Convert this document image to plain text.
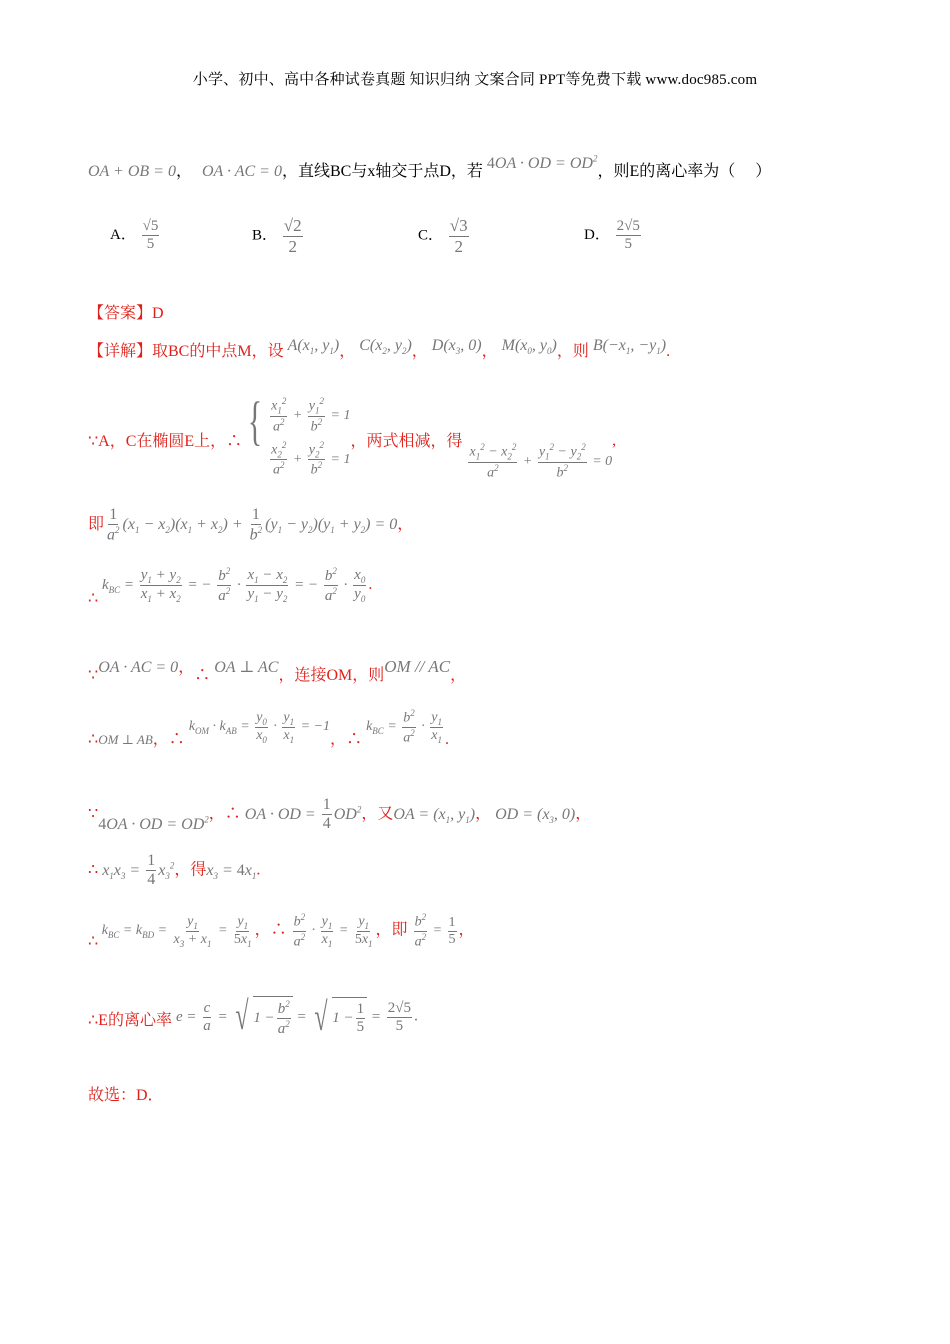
小学、初中、高中各种试卷真题 知识归纳 文案合同 PPT等免费下载 www.doc985.com
OA + OB = 0， OA · AC = 0，直线BC与x轴交于点D，若 4OA · OD = $OD^2$，则E的离心率为（　 ）
A． $\frac{√5}{5}$	B． $\frac{√2}{2}$	C． $\frac{√3}{2}$	D． $\frac{2√5}{5}$
【答案】D
【详解】取BC的中点M，设 $A(x_1$, $y_1$)， $C(x_2$, $y_2$)， $D(x_3$, 0)， $M(x_0$, $y_0$)，则 $B(-x_1$, $-y_1$).
∵A，C在椭圆E上，∴ { $\frac{x_1^2}{a^2} + \frac{y_1^2}{b^2} = 1$
$\frac{x_2^2}{a^2} + \frac{y_2^2}{b^2} = 1$
，两式相减，得
$\frac{x_1^2 - x_2^2}{a^2} + \frac{y_1^2 - y_2^2}{b^2} = 0$,
即 $\frac{1}{a^2} (x_1 - x_2)(x_1 + x_2) + \frac{1}{b^2} (y_1 - y_2)(y_1 + y_2) = 0$，
∴ $k_{BC} = \frac{y_1 + y_2}{x_1 + x_2}$ = − $\frac{b^2}{a^2} \cdot \frac{x_1 - x_2}{y_1 - y_2}$ = − $\frac{b^2}{a^2} \cdot \frac{x_0}{y_0}$ .
∵OA · AC = 0，∴ OA ⊥ AC，连接OM，则OM // AC，
$\therefore_{OM \perp AB}$，∴ $k_{OM} \cdot k_{AB} = \frac{y_0}{x_0} \cdot \frac{y_1}{x_1} = -1$，∴ $k_{BC} = \frac{b^2}{a^2} \cdot \frac{y_1}{x_1}$ .
∵4OA · OD = $OD^2$，∴ OA · OD = $\frac{1}{4} OD^2$，又OA = ($x_1$, $y_1$)， OD = ($x_3$, 0)，
∴ $x_1x_3 = \frac{1}{4} x_3^2$，得$x_3 = 4x_1$.
∴ $k_{BC} = k_{BD} = \frac{y_1}{x_3 + x_1} = \frac{y_1}{5x_1}$ ，∴ $\frac{b^2}{a^2} \cdot \frac{y_1}{x_1} = \frac{y_1}{5x_1}$ ，即 $\frac{b^2}{a^2} = \frac{1}{5}$ ，
∴E的离心率 $e = \frac{c}{a}$ = √ $1 - \frac{b^2}{a^2}$ = √ $1 - \frac{1}{5} = \frac{2√5}{5}$ .
故选：D．
